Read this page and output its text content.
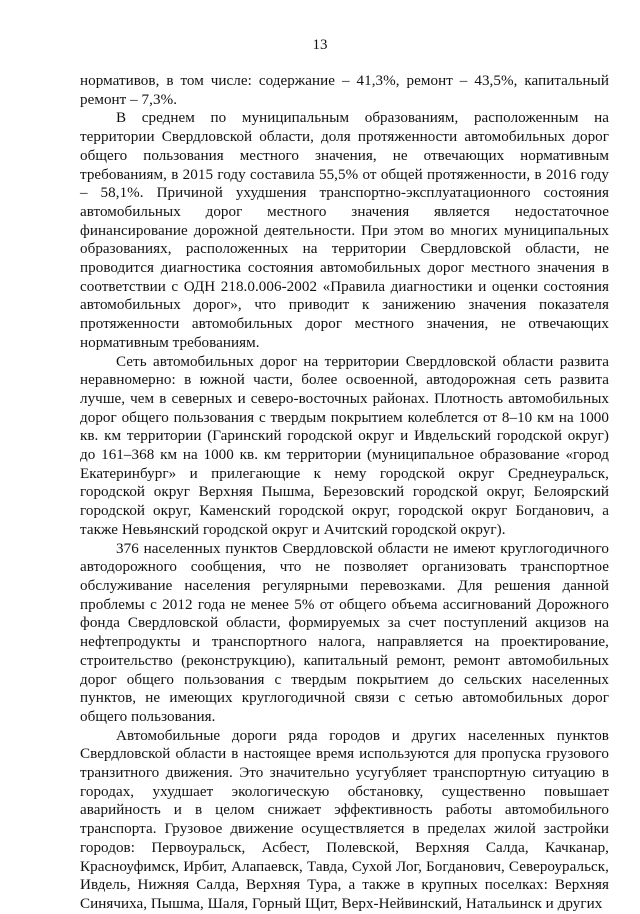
13

нормативов, в том числе: содержание – 41,3%, ремонт – 43,5%, капитальный ремонт – 7,3%.

В среднем по муниципальным образованиям, расположенным на территории Свердловской области, доля протяженности автомобильных дорог общего пользования местного значения, не отвечающих нормативным требованиям, в 2015 году составила 55,5% от общей протяженности, в 2016 году – 58,1%. Причиной ухудшения транспортно-эксплуатационного состояния автомобильных дорог местного значения является недостаточное финансирование дорожной деятельности. При этом во многих муниципальных образованиях, расположенных на территории Свердловской области, не проводится диагностика состояния автомобильных дорог местного значения в соответствии с ОДН 218.0.006-2002 «Правила диагностики и оценки состояния автомобильных дорог», что приводит к занижению значения показателя протяженности автомобильных дорог местного значения, не отвечающих нормативным требованиям.

Сеть автомобильных дорог на территории Свердловской области развита неравномерно: в южной части, более освоенной, автодорожная сеть развита лучше, чем в северных и северо-восточных районах. Плотность автомобильных дорог общего пользования с твердым покрытием колеблется от 8–10 км на 1000 кв. км территории (Гаринский городской округ и Ивдельский городской округ) до 161–368 км на 1000 кв. км территории (муниципальное образование «город Екатеринбург» и прилегающие к нему городской округ Среднеуральск, городской округ Верхняя Пышма, Березовский городской округ, Белоярский городской округ, Каменский городской округ, городской округ Богданович, а также Невьянский городской округ и Ачитский городской округ).

376 населенных пунктов Свердловской области не имеют круглогодичного автодорожного сообщения, что не позволяет организовать транспортное обслуживание населения регулярными перевозками. Для решения данной проблемы с 2012 года не менее 5% от общего объема ассигнований Дорожного фонда Свердловской области, формируемых за счет поступлений акцизов на нефтепродукты и транспортного налога, направляется на проектирование, строительство (реконструкцию), капитальный ремонт, ремонт автомобильных дорог общего пользования с твердым покрытием до сельских населенных пунктов, не имеющих круглогодичной связи с сетью автомобильных дорог общего пользования.

Автомобильные дороги ряда городов и других населенных пунктов Свердловской области в настоящее время используются для пропуска грузового транзитного движения. Это значительно усугубляет транспортную ситуацию в городах, ухудшает экологическую обстановку, существенно повышает аварийность и в целом снижает эффективность работы автомобильного транспорта. Грузовое движение осуществляется в пределах жилой застройки городов: Первоуральск, Асбест, Полевской, Верхняя Салда, Качканар, Красноуфимск, Ирбит, Алапаевск, Тавда, Сухой Лог, Богданович, Североуральск, Ивдель, Нижняя Салда, Верхняя Тура, а также в крупных поселках: Верхняя Синячиха, Пышма, Шаля, Горный Щит, Верх-Нейвинский, Натальинск и других
